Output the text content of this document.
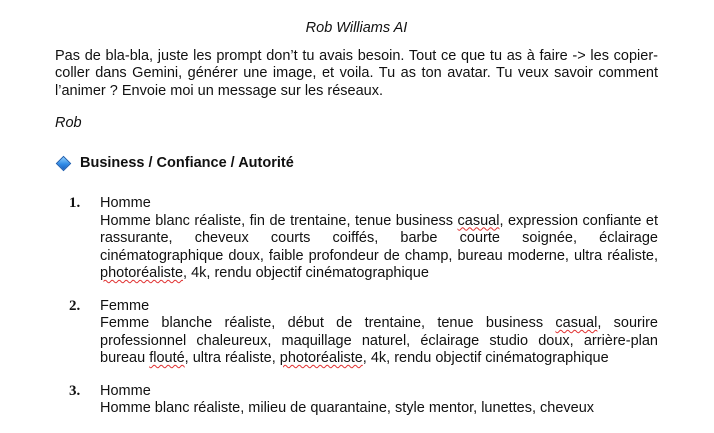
Rob Williams AI

Pas de bla-bla, juste les prompt don’t tu avais besoin. Tout ce que tu as à faire -> les copier-coller dans Gemini, générer une image, et voila. Tu as ton avatar. Tu veux savoir comment l’animer ? Envoie moi un message sur les réseaux.

Rob

Business / Confiance / Autorité
1.	Homme

Homme blanc réaliste, fin de trentaine, tenue business casual, expression confiante et rassurante, cheveux courts coiffés, barbe courte soignée, éclairage cinématographique doux, faible profondeur de champ, bureau moderne, ultra réaliste, photoréaliste, 4k, rendu objectif cinématographique

2.	Femme

Femme blanche réaliste, début de trentaine, tenue business casual, sourire professionnel chaleureux, maquillage naturel, éclairage studio doux, arrière-plan bureau flouté, ultra réaliste, photoréaliste, 4k, rendu objectif cinématographique

3.	Homme

Homme blanc réaliste, milieu de quarantaine, style mentor, lunettes, cheveux
